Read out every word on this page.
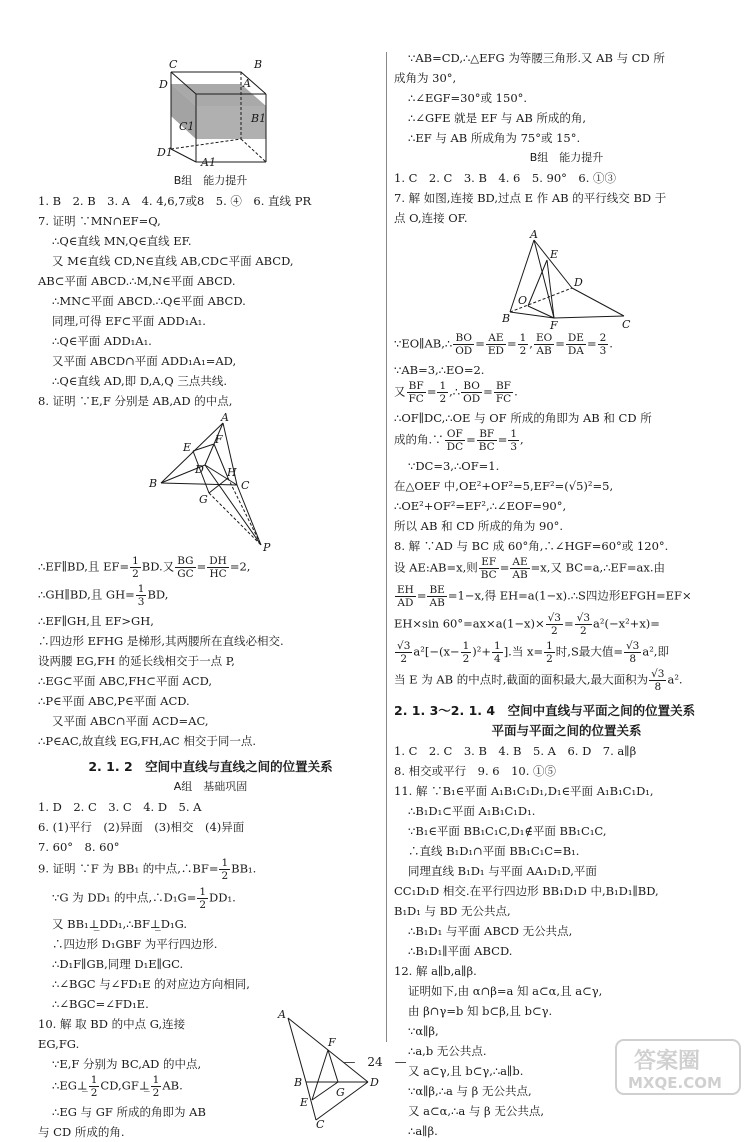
C
D	A
B
C1
B1
D1
A1
B组　能力提升
1. B　2. B　3. A　4. 4,6,7或8　5. ④　6. 直线 PR
7. 证明 ∵MN∩EF=Q,
∴Q∈直线 MN,Q∈直线 EF.
又 M∈直线 CD,N∈直线 AB,CD⊂平面 ABCD,
AB⊂平面 ABCD.∴M,N∈平面 ABCD.
∴MN⊂平面 ABCD.∴Q∈平面 ABCD.
同理,可得 EF⊂平面 ADD₁A₁.
∴Q∈平面 ADD₁A₁.
又平面 ABCD∩平面 ADD₁A₁=AD,
∴Q∈直线 AD,即 D,A,Q 三点共线.
8. 证明 ∵E,F 分别是 AB,AD 的中点,
A
F
E
D H
B	C
G
P
∴EF∥BD,且 $EF= \frac{1}{2}$ BD.又 $\frac{BG}{GC} = \frac{DH}{HC} =2$,
∴GH∥BD,且 $GH= \frac{1}{3}$ BD,
∴EF∥GH,且 EF>GH,
∴四边形 EFHG 是梯形,其两腰所在直线必相交.
设两腰 EG,FH 的延长线相交于一点 P,
∴EG⊂平面 ABC,FH⊂平面 ACD,
∴P∈平面 ABC,P∈平面 ACD.
又平面 ABC∩平面 ACD=AC,
∴P∈AC,故直线 EG,FH,AC 相交于同一点.
2. 1. 2　空间中直线与直线之间的位置关系
A组　基础巩固
1. D　2. C　3. C　4. D　5. A
6. (1)平行　(2)异面　(3)相交　(4)异面
7. 60°　8. 60°
9. 证明 ∵F 为 BB₁ 的中点,∴BF= $\frac{1}{2} BB_1$.
∵G 为 DD₁ 的中点,∴D₁G= $\frac{1}{2} DD_1$.
又 BB₁⊥̲DD₁,∴BF⊥̲D₁G.
∴四边形 D₁GBF 为平行四边形.
∴D₁F∥GB,同理 D₁E∥GC.
∴∠BGC 与∠FD₁E 的对应边方向相同,
∴∠BGC=∠FD₁E.
10. 解 取 BD 的中点 G,连接
EG,FG.
∵E,F 分别为 BC,AD 的中点,
∴EG⊥̲ $\frac{1}{2}$ CD,GF⊥̲ $\frac{1}{2}$ AB.
∴EG 与 GF 所成的角即为 AB
与 CD 所成的角.
A
F
B
G
D
E
C
∵AB=CD,∴△EFG 为等腰三角形.又 AB 与 CD 所
成角为 30°,
∴∠EGF=30°或 150°.
∴∠GFE 就是 EF 与 AB 所成的角,
∴EF 与 AB 所成角为 75°或 15°.
B组　能力提升
1. C　2. C　3. B　4. 6　5. 90°　6. ①③
7. 解 如图,连接 BD,过点 E 作 AB 的平行线交 BD 于
点 O,连接 OF.
A
E
D
O
B
F	C
∵EO∥AB,∴ $\frac{BO}{OD} = \frac{AE}{ED} = \frac{1}{2}$ , $\frac{EO}{AB} = \frac{DE}{DA} = \frac{2}{3}$ .
∵AB=3,∴EO=2.
又 $\frac{BF}{FC} = \frac{1}{2}$ ,∴ $\frac{BO}{OD} = \frac{BF}{FC}$ .
∴OF∥DC,∴OE 与 OF 所成的角即为 AB 和 CD 所
成的角.∵ $\frac{OF}{DC} = \frac{BF}{BC} = \frac{1}{3}$ ,
∵DC=3,∴OF=1.
在△OEF 中,OE²+OF²=5,EF²=(√5)²=5,
∴OE²+OF²=EF²,∴∠EOF=90°,
所以 AB 和 CD 所成的角为 90°.
8. 解 ∵AD 与 BC 成 60°角,∴∠HGF=60°或 120°.
设 AE:AB=x,则 $\frac{EF}{BC} = \frac{AE}{AB} =x$,又 BC=a,∴EF=ax.由
$\frac{EH}{AD} = \frac{BE}{AB} =1-x$,得 EH=a(1−x).∴S四边形EFGH=EF×
EH×sin $60^\circ=ax\times a(1-x)\times \frac{√3}{2} = \frac{√3}{2} a^2(-x^2+x)=$
$\frac{√3}{2} a^2[-(x- \frac{1}{2} )^2+ \frac{1}{4}$ ].当 $x= \frac{1}{2}$ 时,S最大值= $\frac{√3}{8} a^2$,即
当 E 为 AB 的中点时,截面的面积最大,最大面积为 $\frac{√3}{8} a^2$.
2. 1. 3～2. 1. 4　空间中直线与平面之间的位置关系
平面与平面之间的位置关系
1. C　2. C　3. B　4. B　5. A　6. D　7. a∥β
8. 相交或平行　9. 6　10. ①⑤
11. 解 ∵B₁∈平面 A₁B₁C₁D₁,D₁∈平面 A₁B₁C₁D₁,
∴B₁D₁⊂平面 A₁B₁C₁D₁.
∵B₁∈平面 BB₁C₁C,D₁∉平面 BB₁C₁C,
∴直线 B₁D₁∩平面 BB₁C₁C=B₁.
同理直线 B₁D₁ 与平面 AA₁D₁D,平面
CC₁D₁D 相交.在平行四边形 BB₁D₁D 中,B₁D₁∥BD,
B₁D₁ 与 BD 无公共点,
∴B₁D₁ 与平面 ABCD 无公共点,
∴B₁D₁∥平面 ABCD.
12. 解 a∥b,a∥β.
证明如下,由 α∩β=a 知 a⊂α,且 a⊂γ,
由 β∩γ=b 知 b⊂β,且 b⊂γ.
∵α∥β,
∴a,b 无公共点.
又 a⊂γ,且 b⊂γ,∴a∥b.
∵α∥β,∴a 与 β 无公共点,
又 a⊂α,∴a 与 β 无公共点,
∴a∥β.
—　 24　 —	答案圈
MXQE.COM
